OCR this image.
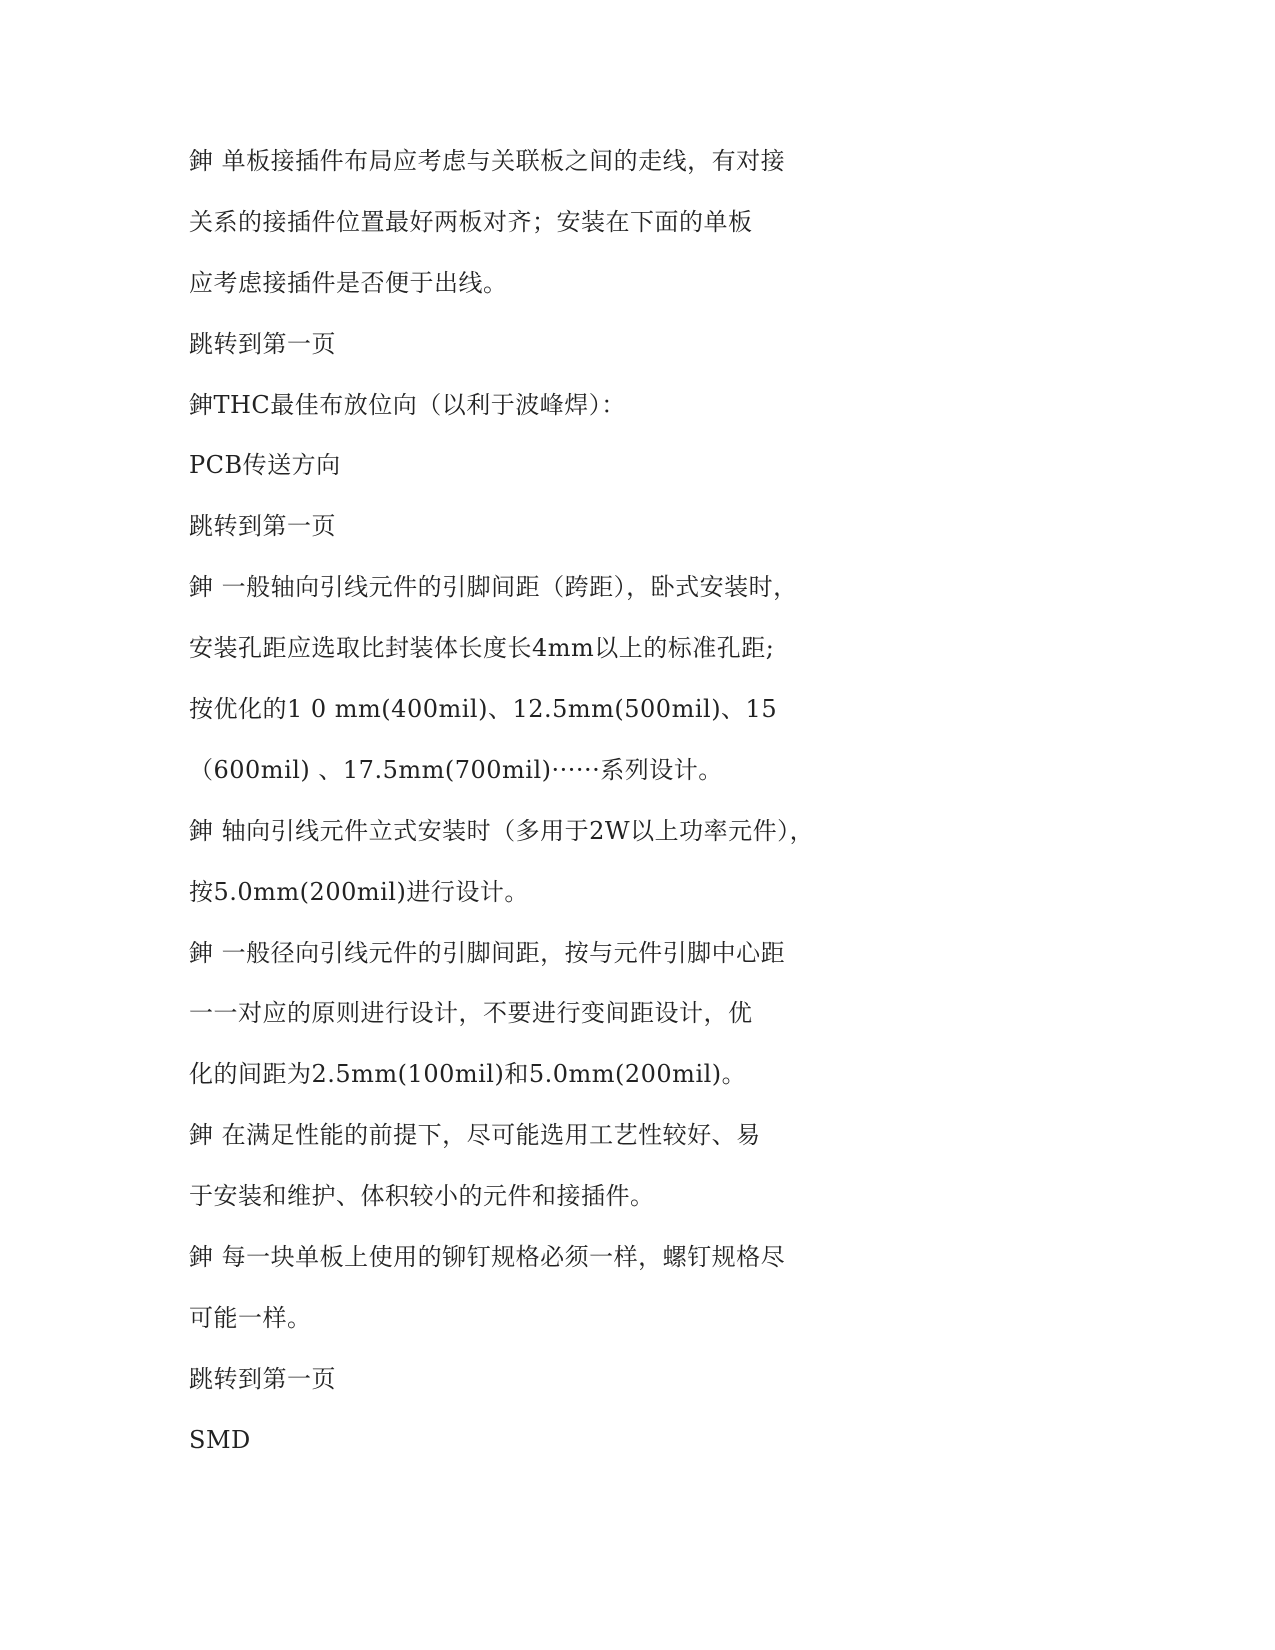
鉮 单板接插件布局应考虑与关联板之间的走线，有对接
关系的接插件位置最好两板对齐；安装在下面的单板
应考虑接插件是否便于出线。
跳转到第一页
鉮THC最佳布放位向（以利于波峰焊）：
PCB传送方向
跳转到第一页
鉮 一般轴向引线元件的引脚间距（跨距），卧式安装时，
安装孔距应选取比封装体长度长4mm以上的标准孔距;
按优化的1 0 mm(400mil)、12.5mm(500mil)、15
（600mil) 、17.5mm(700mil)······系列设计。
鉮 轴向引线元件立式安装时（多用于2W以上功率元件），
按5.0mm(200mil)进行设计。
鉮 一般径向引线元件的引脚间距，按与元件引脚中心距
一一对应的原则进行设计，不要进行变间距设计，优
化的间距为2.5mm(100mil)和5.0mm(200mil)。
鉮 在满足性能的前提下，尽可能选用工艺性较好、易
于安装和维护、体积较小的元件和接插件。
鉮 每一块单板上使用的铆钉规格必须一样，螺钉规格尽
可能一样。
跳转到第一页
SMD
